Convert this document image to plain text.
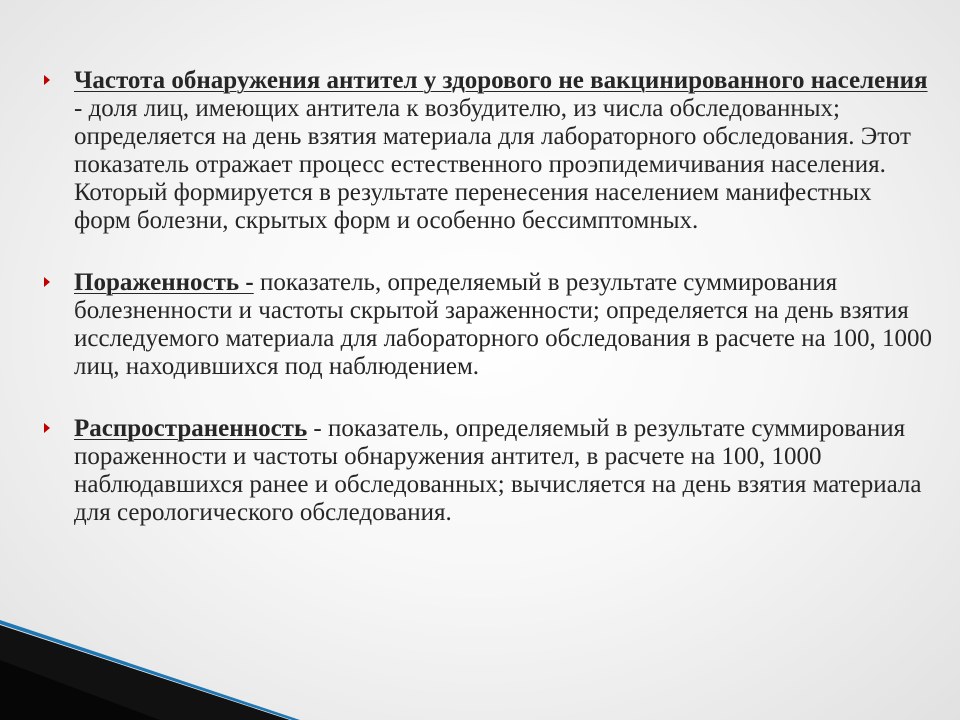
Частота обнаружения антител у здорового не вакцинированного населения - доля лиц, имеющих антитела к возбудителю, из числа обследованных; определяется на день взятия материала для лабораторного обследования. Этот показатель отражает процесс естественного проэпидемичивания населения. Который формируется в результате перенесения населением манифестных форм болезни, скрытых форм и особенно бессимптомных.
Пораженность - показатель, определяемый в результате суммирования болезненности и частоты скрытой зараженности; определяется на день взятия исследуемого материала для лабораторного обследования в расчете на 100, 1000 лиц, находившихся под наблюдением.
Распространенность - показатель, определяемый в результате суммирования пораженности и частоты обнаружения антител, в расчете на 100, 1000 наблюдавшихся ранее и обследованных; вычисляется на день взятия материала для серологического обследования.
